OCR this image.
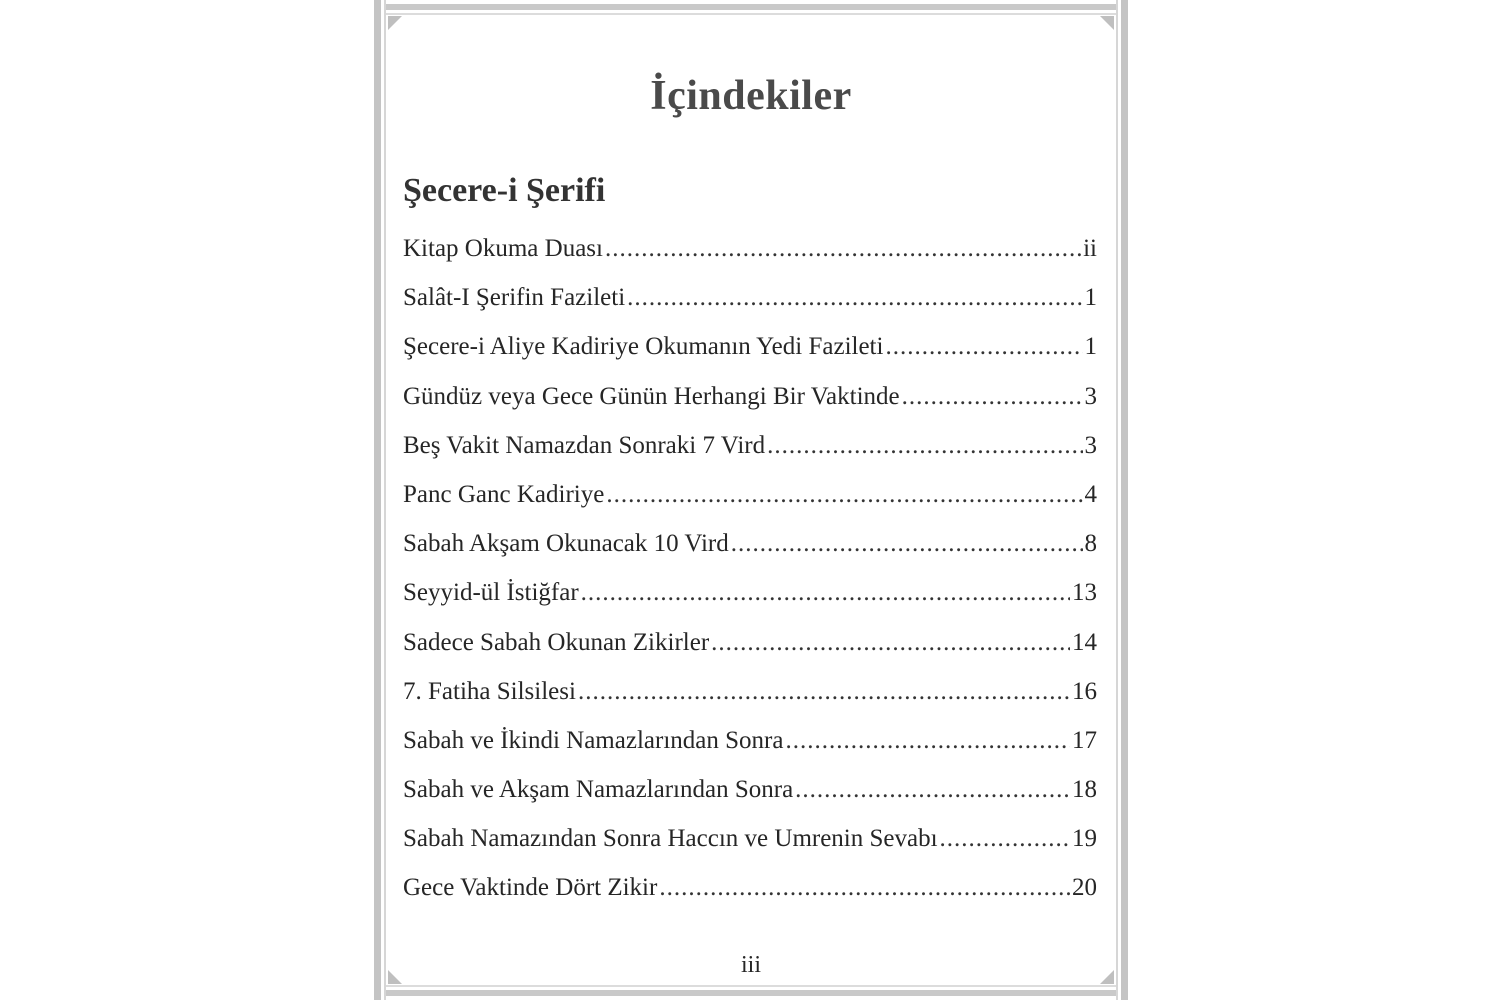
İçindekiler
Şecere-i Şerifi
Kitap Okuma Duası .....	ii
Salât-I Şerifin Fazileti .....	1
Şecere-i Aliye Kadiriye Okumanın Yedi Fazileti .....	1
Gündüz veya Gece Günün Herhangi Bir Vaktinde .....	3
Beş Vakit Namazdan Sonraki 7 Vird .....	3
Panc Ganc Kadiriye .....	4
Sabah Akşam Okunacak 10 Vird .....	8
Seyyid-ül İstiğfar .....	13
Sadece Sabah Okunan Zikirler .....	14
7. Fatiha Silsilesi .....	16
Sabah ve İkindi Namazlarından Sonra .....	17
Sabah ve Akşam Namazlarından Sonra .....	18
Sabah Namazından Sonra Haccın ve Umrenin Sevabı .....	19
Gece Vaktinde Dört Zikir .....	20
iii
